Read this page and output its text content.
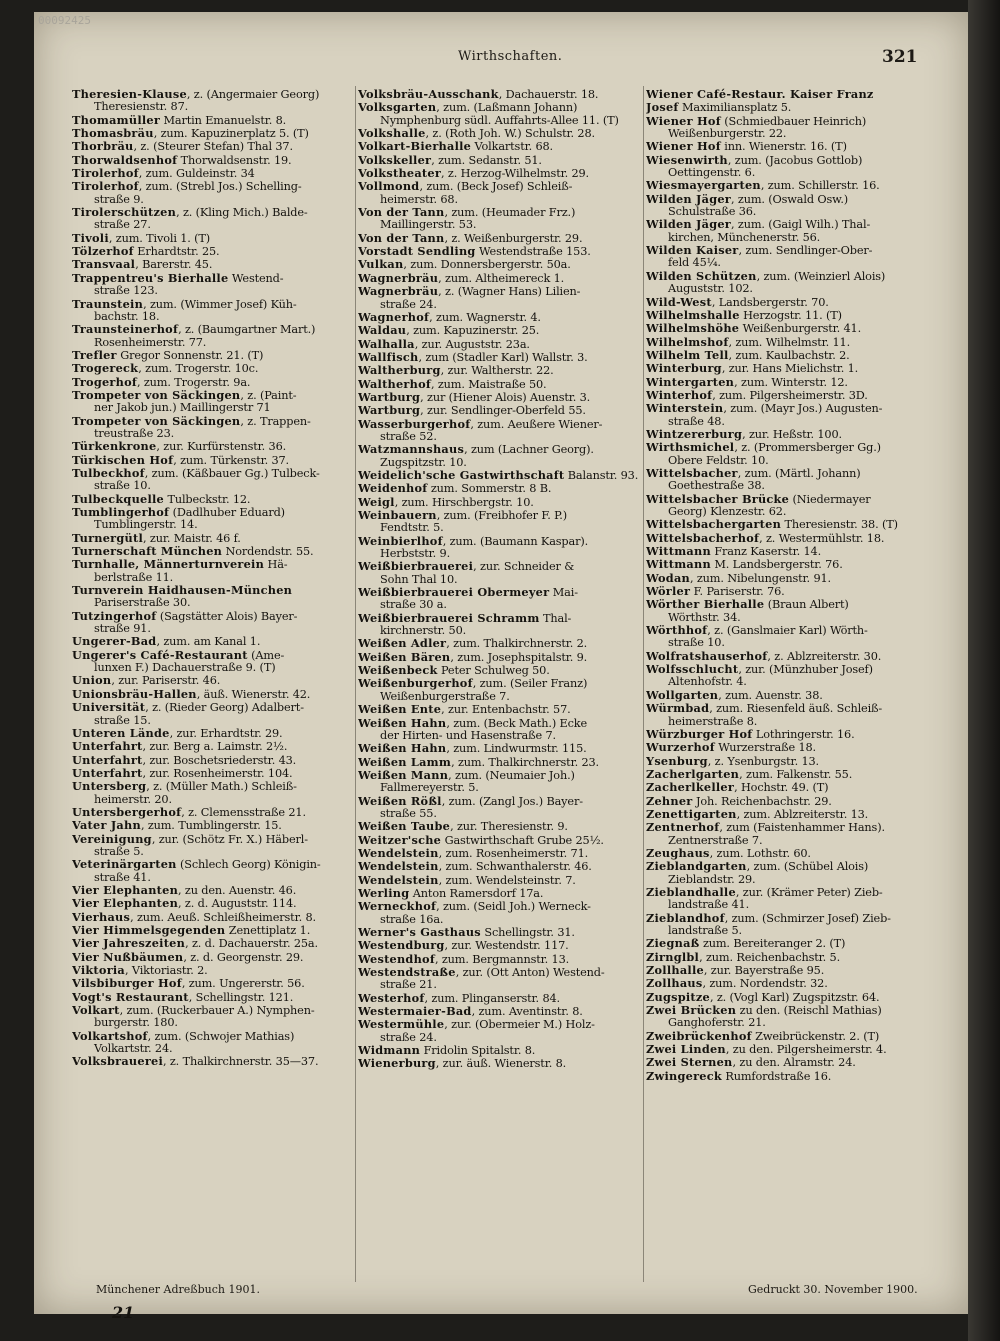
00092425

Wirthschaften.	321

Theresien-Klause, z. (Angermaier Georg)

Theresienstr. 87.

Thomamüller Martin Emanuelstr. 8.

Thomasbräu, zum. Kapuzinerplatz 5. (T)

Thorbräu, z. (Steurer Stefan) Thal 37.

Thorwaldsenhof Thorwaldsenstr. 19.

Tirolerhof, zum. Guldeinstr. 34

Tirolerhof, zum. (Strebl Jos.) Schelling-

straße 9.

Tirolerschützen, z. (Kling Mich.) Balde-

straße 27.

Tivoli, zum. Tivoli 1. (T)

Tölzerhof Erhardtstr. 25.

Transvaal, Barerstr. 45.

Trappentreu's Bierhalle Westend-

straße 123.

Traunstein, zum. (Wimmer Josef) Küh-

bachstr. 18.

Traunsteinerhof, z. (Baumgartner Mart.)

Rosenheimerstr. 77.

Trefler Gregor Sonnenstr. 21. (T)

Trogereck, zum. Trogerstr. 10c.

Trogerhof, zum. Trogerstr. 9a.

Trompeter von Säckingen, z. (Paint-

ner Jakob jun.) Maillingerstr 71

Trompeter von Säckingen, z. Trappen-

treustraße 23.

Türkenkrone, zur. Kurfürstenstr. 36.

Türkischen Hof, zum. Türkenstr. 37.

Tulbeckhof, zum. (Käßbauer Gg.) Tulbeck-

straße 10.

Tulbeckquelle Tulbeckstr. 12.

Tumblingerhof (Dadlhuber Eduard)

Tumblingerstr. 14.

Turnergütl, zur. Maistr. 46 f.

Turnerschaft München Nordendstr. 55.

Turnhalle, Männerturnverein Hä-

berlstraße 11.

Turnverein Haidhausen-München

Pariserstraße 30.

Tutzingerhof (Sagstätter Alois) Bayer-

straße 91.

Ungerer-Bad, zum. am Kanal 1.

Ungerer's Café-Restaurant (Ame-

lunxen F.) Dachauerstraße 9. (T)

Union, zur. Pariserstr. 46.

Unionsbräu-Hallen, äuß. Wienerstr. 42.

Universität, z. (Rieder Georg) Adalbert-

straße 15.

Unteren Lände, zur. Erhardtstr. 29.

Unterfahrt, zur. Berg a. Laimstr. 2½.

Unterfahrt, zur. Boschetsriederstr. 43.

Unterfahrt, zur. Rosenheimerstr. 104.

Untersberg, z. (Müller Math.) Schleiß-

heimerstr. 20.

Untersbergerhof, z. Clemensstraße 21.

Vater Jahn, zum. Tumblingerstr. 15.

Vereinigung, zur. (Schötz Fr. X.) Häberl-

straße 5.

Veterinärgarten (Schlech Georg) Königin-

straße 41.

Vier Elephanten, zu den. Auenstr. 46.

Vier Elephanten, z. d. Auguststr. 114.

Vierhaus, zum. Aeuß. Schleißheimerstr. 8.

Vier Himmelsgegenden Zenettiplatz 1.

Vier Jahreszeiten, z. d. Dachauerstr. 25a.

Vier Nußbäumen, z. d. Georgenstr. 29.

Viktoria, Viktoriastr. 2.

Vilsbiburger Hof, zum. Ungererstr. 56.

Vogt's Restaurant, Schellingstr. 121.

Volkart, zum. (Ruckerbauer A.) Nymphen-

burgerstr. 180.

Volkartshof, zum. (Schwojer Mathias)

Volkartstr. 24.

Volksbrauerei, z. Thalkirchnerstr. 35—37.

Volksbräu-Ausschank, Dachauerstr. 18.

Volksgarten, zum. (Laßmann Johann)

Nymphenburg südl. Auffahrts-Allee 11. (T)

Volkshalle, z. (Roth Joh. W.) Schulstr. 28.

Volkart-Bierhalle Volkartstr. 68.

Volkskeller, zum. Sedanstr. 51.

Volkstheater, z. Herzog-Wilhelmstr. 29.

Vollmond, zum. (Beck Josef) Schleiß-

heimerstr. 68.

Von der Tann, zum. (Heumader Frz.)

Maillingerstr. 53.

Von der Tann, z. Weißenburgerstr. 29.

Vorstadt Sendling Westendstraße 153.

Vulkan, zum. Donnersbergerstr. 50a.

Wagnerbräu, zum. Altheimereck 1.

Wagnerbräu, z. (Wagner Hans) Lilien-

straße 24.

Wagnerhof, zum. Wagnerstr. 4.

Waldau, zum. Kapuzinerstr. 25.

Walhalla, zur. Auguststr. 23a.

Wallfisch, zum (Stadler Karl) Wallstr. 3.

Waltherburg, zur. Waltherstr. 22.

Waltherhof, zum. Maistraße 50.

Wartburg, zur (Hiener Alois) Auenstr. 3.

Wartburg, zur. Sendlinger-Oberfeld 55.

Wasserburgerhof, zum. Aeußere Wiener-

straße 52.

Watzmannshaus, zum (Lachner Georg).

Zugspitzstr. 10.

Weidelich'sche Gastwirthschaft Balanstr. 93.

Weidenhof zum. Sommerstr. 8 B.

Weigl, zum. Hirschbergstr. 10.

Weinbauern, zum. (Freibhofer F. P.)

Fendtstr. 5.

Weinbierlhof, zum. (Baumann Kaspar).

Herbststr. 9.

Weißbierbrauerei, zur. Schneider &

Sohn Thal 10.

Weißbierbrauerei Obermeyer Mai-

straße 30 a.

Weißbierbrauerei Schramm Thal-

kirchnerstr. 50.

Weißen Adler, zum. Thalkirchnerstr. 2.

Weißen Bären, zum. Josephspitalstr. 9.

Weißenbeck Peter Schulweg 50.

Weißenburgerhof, zum. (Seiler Franz)

Weißenburgerstraße 7.

Weißen Ente, zur. Entenbachstr. 57.

Weißen Hahn, zum. (Beck Math.) Ecke

der Hirten- und Hasenstraße 7.

Weißen Hahn, zum. Lindwurmstr. 115.

Weißen Lamm, zum. Thalkirchnerstr. 23.

Weißen Mann, zum. (Neumaier Joh.)

Fallmereyerstr. 5.

Weißen Rößl, zum. (Zangl Jos.) Bayer-

straße 55.

Weißen Taube, zur. Theresienstr. 9.

Weitzer'sche Gastwirthschaft Grube 25½.

Wendelstein, zum. Rosenheimerstr. 71.

Wendelstein, zum. Schwanthalerstr. 46.

Wendelstein, zum. Wendelsteinstr. 7.

Werling Anton Ramersdorf 17a.

Werneckhof, zum. (Seidl Joh.) Werneck-

straße 16a.

Werner's Gasthaus Schellingstr. 31.

Westendburg, zur. Westendstr. 117.

Westendhof, zum. Bergmannstr. 13.

Westendstraße, zur. (Ott Anton) Westend-

straße 21.

Westerhof, zum. Plinganserstr. 84.

Westermaier-Bad, zum. Aventinstr. 8.

Westermühle, zur. (Obermeier M.) Holz-

straße 24.

Widmann Fridolin Spitalstr. 8.

Wienerburg, zur. äuß. Wienerstr. 8.

Wiener Café-Restaur. Kaiser Franz

Josef Maximiliansplatz 5.

Wiener Hof (Schmiedbauer Heinrich)

Weißenburgerstr. 22.

Wiener Hof inn. Wienerstr. 16. (T)

Wiesenwirth, zum. (Jacobus Gottlob)

Oettingenstr. 6.

Wiesmayergarten, zum. Schillerstr. 16.

Wilden Jäger, zum. (Oswald Osw.)

Schulstraße 36.

Wilden Jäger, zum. (Gaigl Wilh.) Thal-

kirchen, Münchenerstr. 56.

Wilden Kaiser, zum. Sendlinger-Ober-

feld 45¼.

Wilden Schützen, zum. (Weinzierl Alois)

Auguststr. 102.

Wild-West, Landsbergerstr. 70.

Wilhelmshalle Herzogstr. 11. (T)

Wilhelmshöhe Weißenburgerstr. 41.

Wilhelmshof, zum. Wilhelmstr. 11.

Wilhelm Tell, zum. Kaulbachstr. 2.

Winterburg, zur. Hans Mielichstr. 1.

Wintergarten, zum. Winterstr. 12.

Winterhof, zum. Pilgersheimerstr. 3D.

Winterstein, zum. (Mayr Jos.) Augusten-

straße 48.

Wintzererburg, zur. Heßstr. 100.

Wirthsmichel, z. (Prommersberger Gg.)

Obere Feldstr. 10.

Wittelsbacher, zum. (Märtl. Johann)

Goethestraße 38.

Wittelsbacher Brücke (Niedermayer

Georg) Klenzestr. 62.

Wittelsbachergarten Theresienstr. 38. (T)

Wittelsbacherhof, z. Westermühlstr. 18.

Wittmann Franz Kaserstr. 14.

Wittmann M. Landsbergerstr. 76.

Wodan, zum. Nibelungenstr. 91.

Wörler F. Pariserstr. 76.

Wörther Bierhalle (Braun Albert)

Wörthstr. 34.

Wörthhof, z. (Ganslmaier Karl) Wörth-

straße 10.

Wolfratshauserhof, z. Ablzreiterstr. 30.

Wolfsschlucht, zur. (Münzhuber Josef)

Altenhofstr. 4.

Wollgarten, zum. Auenstr. 38.

Würmbad, zum. Riesenfeld äuß. Schleiß-

heimerstraße 8.

Würzburger Hof Lothringerstr. 16.

Wurzerhof Wurzerstraße 18.

Ysenburg, z. Ysenburgstr. 13.

Zacherlgarten, zum. Falkenstr. 55.

Zacherlkeller, Hochstr. 49. (T)

Zehner Joh. Reichenbachstr. 29.

Zenettigarten, zum. Ablzreiterstr. 13.

Zentnerhof, zum (Faistenhammer Hans).

Zentnerstraße 7.

Zeughaus, zum. Lothstr. 60.

Zieblandgarten, zum. (Schübel Alois)

Zieblandstr. 29.

Zieblandhalle, zur. (Krämer Peter) Zieb-

landstraße 41.

Zieblandhof, zum. (Schmirzer Josef) Zieb-

landstraße 5.

Ziegnaß zum. Bereiteranger 2. (T)

Zirnglbl, zum. Reichenbachstr. 5.

Zollhalle, zur. Bayerstraße 95.

Zollhaus, zum. Nordendstr. 32.

Zugspitze, z. (Vogl Karl) Zugspitzstr. 64.

Zwei Brücken zu den. (Reischl Mathias)

Ganghoferstr. 21.

Zweibrückenhof Zweibrückenstr. 2. (T)

Zwei Linden, zu den. Pilgersheimerstr. 4.

Zwei Sternen, zu den. Alramstr. 24.

Zwingereck Rumfordstraße 16.

Münchener Adreßbuch 1901.

21

Gedruckt 30. November 1900.
